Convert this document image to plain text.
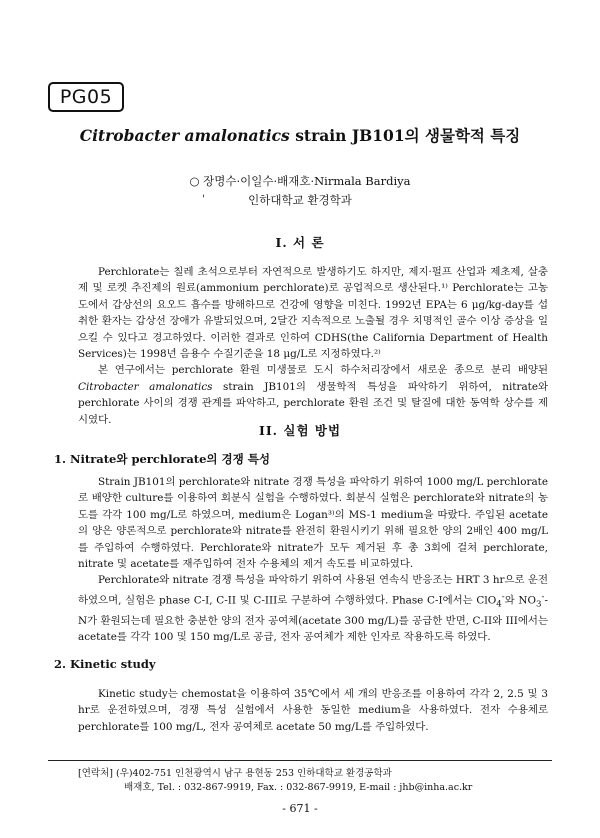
PG05
Citrobacter amalonatics strain JB101의 생물학적 특징
○ 장명수·이일수·배재호·Nirmala Bardiya
'	인하대학교 환경학과
I. 서 론

Perchlorate는 칠레 초석으로부터 자연적으로 발생하기도 하지만, 제지·펄프 산업과 제초제, 살충제 및 로켓 추진제의 원료(ammonium perchlorate)로 공업적으로 생산된다.¹⁾ Perchlorate는 고농도에서 갑상선의 요오드 흡수를 방해하므로 건강에 영향을 미친다. 1992년 EPA는 6 μg/kg-day를 섭취한 환자는 갑상선 장애가 유발되었으며, 2달간 지속적으로 노출될 경우 치명적인 골수 이상 증상을 일으킬 수 있다고 경고하였다. 이러한 결과로 인하여 CDHS(the California Department of Health Services)는 1998년 음용수 수질기준을 18 μg/L로 지정하였다.²⁾

본 연구에서는 perchlorate 환원 미생물로 도시 하수처리장에서 새로운 종으로 분리 배양된 Citrobacter amalonatics strain JB101의 생물학적 특성을 파악하기 위하여, nitrate와 perchlorate 사이의 경쟁 관계를 파악하고, perchlorate 환원 조건 및 탈질에 대한 동역학 상수를 제시였다.

II. 실험 방법
1. Nitrate와 perchlorate의 경쟁 특성

Strain JB101의 perchlorate와 nitrate 경쟁 특성을 파악하기 위하여 1000 mg/L perchlorate로 배양한 culture를 이용하여 회분식 실험을 수행하였다. 회분식 실험은 perchlorate와 nitrate의 농도를 각각 100 mg/L로 하였으며, medium은 Logan³⁾의 MS-1 medium을 따랐다. 주입된 acetate의 양은 양론적으로 perchlorate와 nitrate를 완전히 환원시키기 위해 필요한 양의 2배인 400 mg/L를 주입하여 수행하였다. Perchlorate와 nitrate가 모두 제거된 후 총 3회에 걸쳐 perchlorate, nitrate 및 acetate를 재주입하여 전자 수용체의 제거 속도를 비교하였다.

Perchlorate와 nitrate 경쟁 특성을 파악하기 위하여 사용된 연속식 반응조는 HRT 3 hr으로 운전하였으며, 실험은 phase C-I, C-II 및 C-III로 구분하여 수행하였다. Phase C-I에서는 ClO$_4$-와 $NO_3^--N$가 환원되는데 필요한 충분한 양의 전자 공여체(acetate 300 mg/L)를 공급한 반면, C-II와 III에서는 acetate를 각각 100 및 150 mg/L로 공급, 전자 공여체가 제한 인자로 작용하도록 하였다.

2. Kinetic study

Kinetic study는 chemostat을 이용하여 35℃에서 세 개의 반응조를 이용하여 각각 2, 2.5 및 3 hr로 운전하였으며, 경쟁 특성 실험에서 사용한 동일한 medium을 사용하였다. 전자 수용체로 perchlorate를 100 mg/L, 전자 공여체로 acetate 50 mg/L를 주입하였다.

[연락처] (우)402-751 인천광역시 남구 용현동 253 인하대학교 환경공학과
배재호, Tel. : 032-867-9919, Fax. : 032-867-9919, E-mail : jhb@inha.ac.kr
- 671 -
